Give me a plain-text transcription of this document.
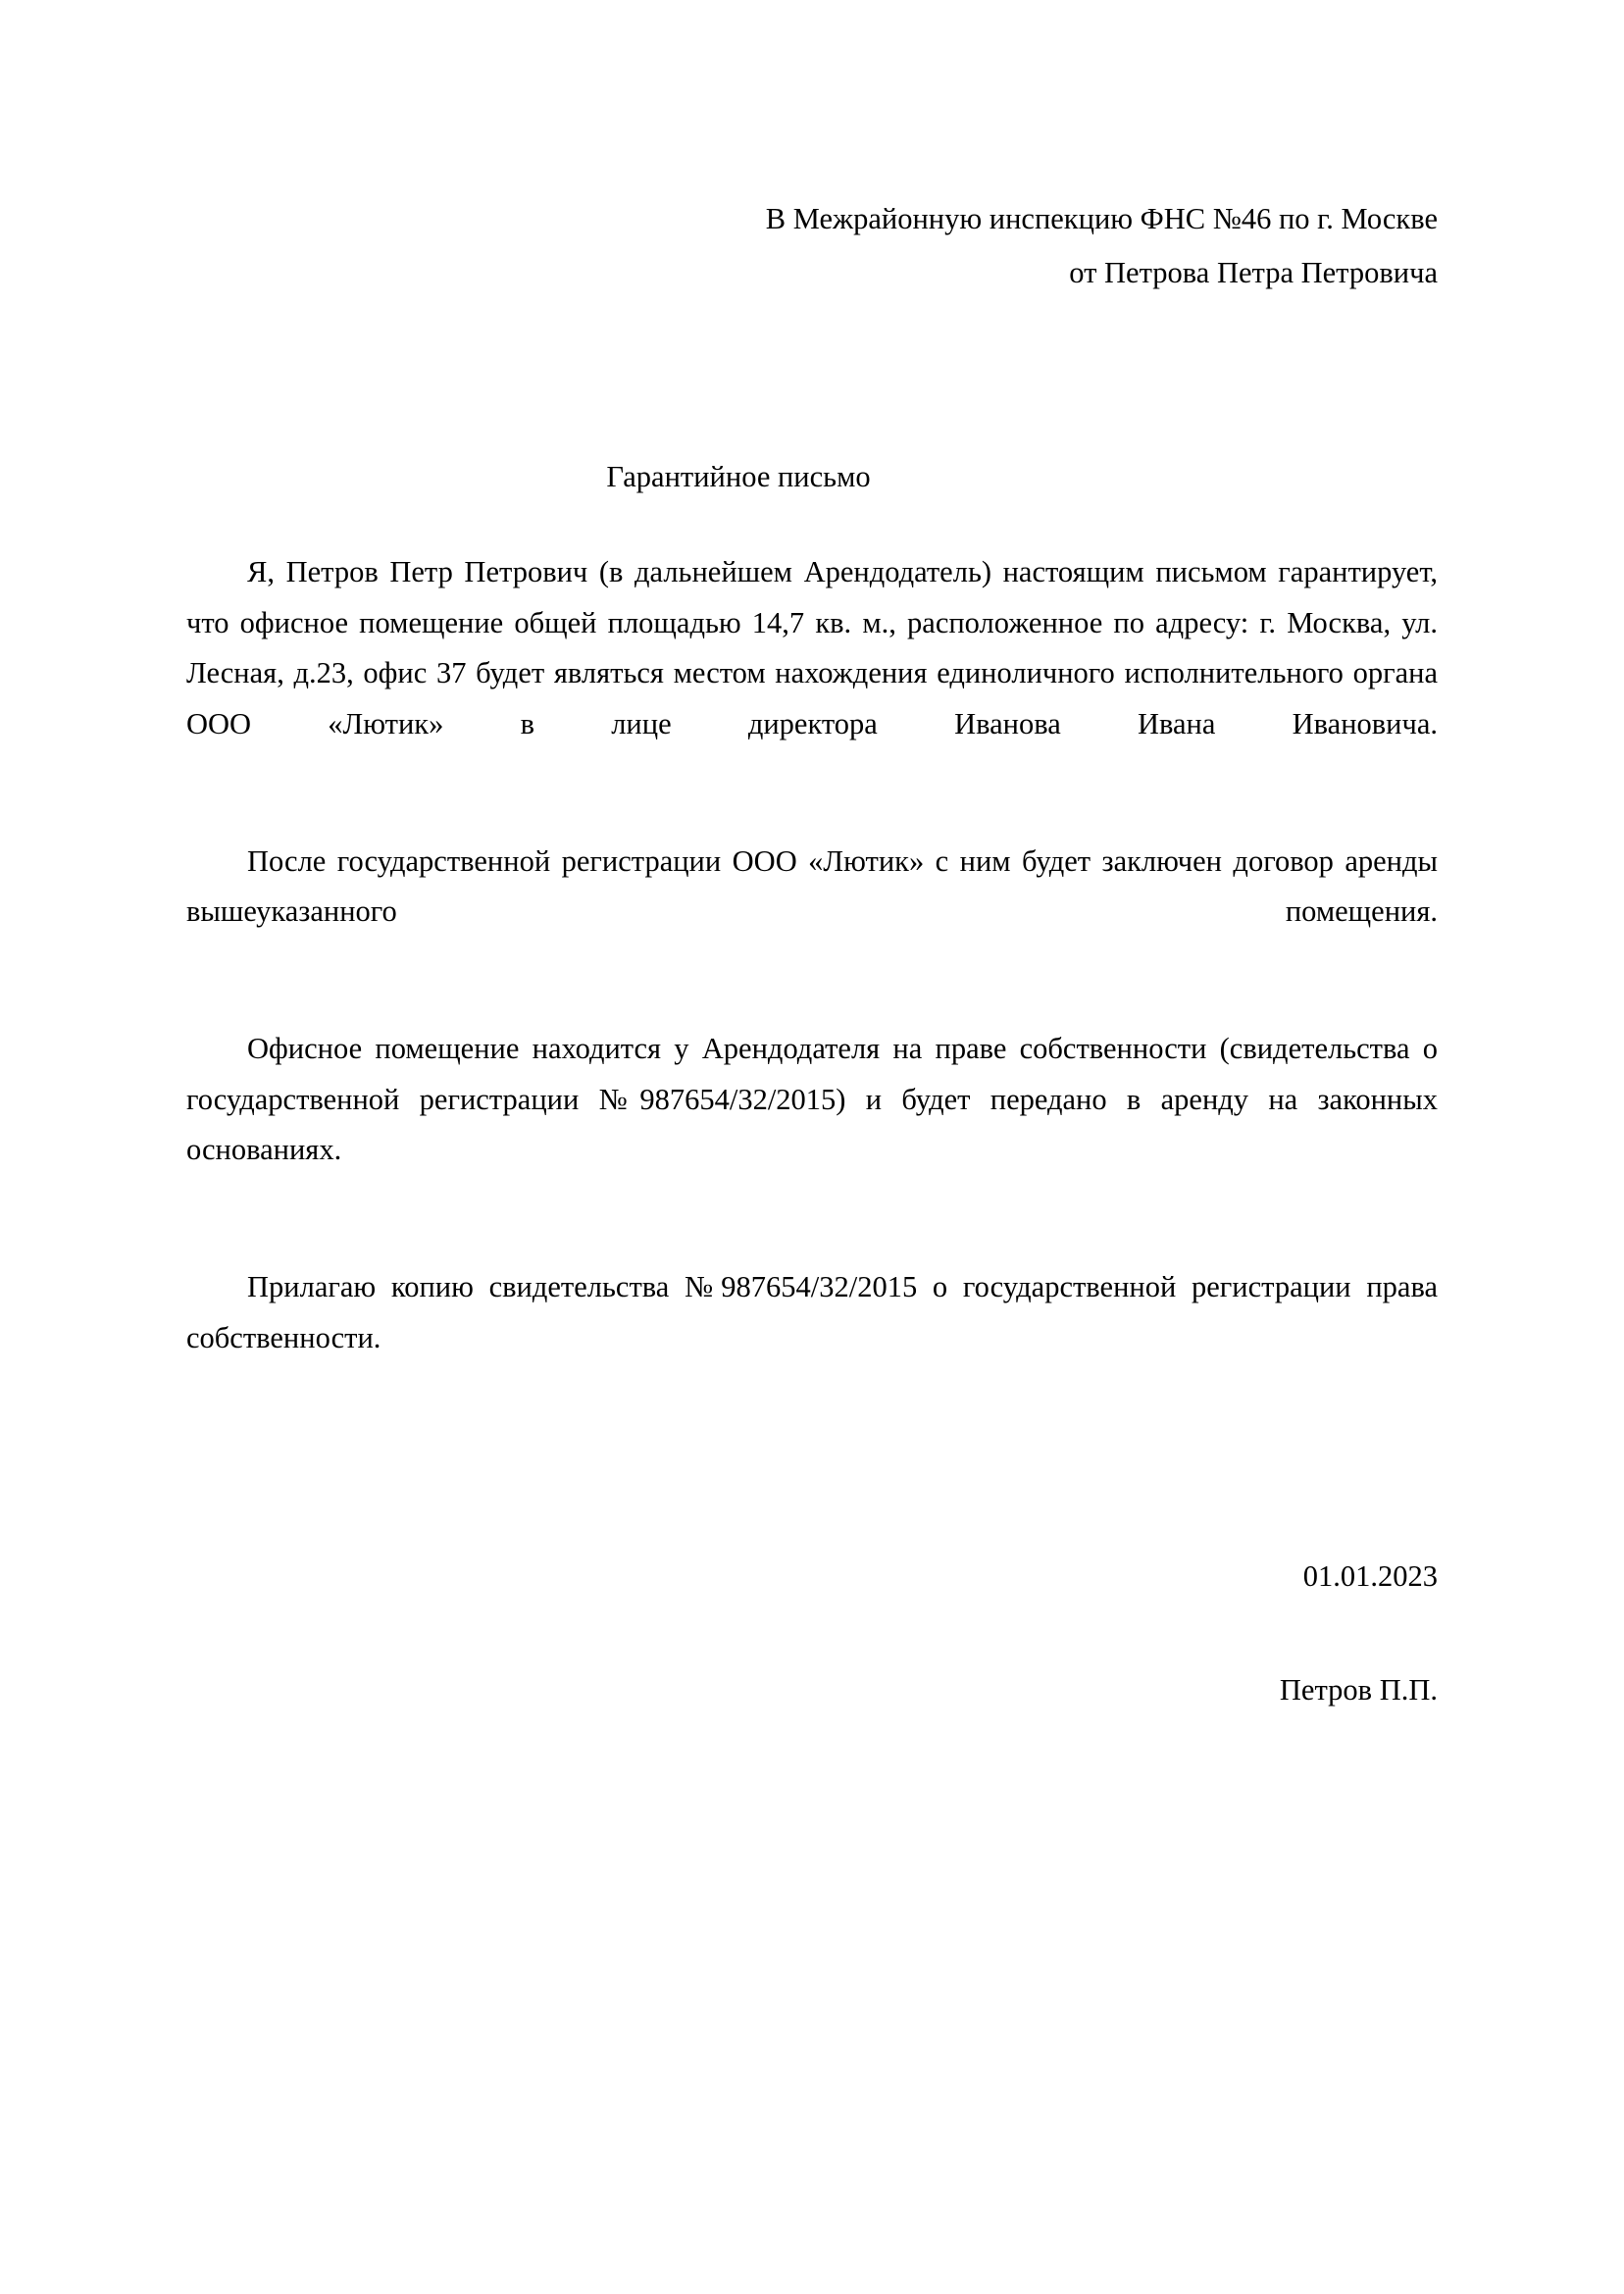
В Межрайонную инспекцию ФНС №46 по г. Москве
от Петрова Петра Петровича
Гарантийное письмо

Я, Петров Петр Петрович (в дальнейшем Арендодатель) настоящим письмом гарантирует, что офисное помещение общей площадью 14,7 кв. м., расположенное по адресу: г. Москва, ул. Лесная, д.23, офис 37 будет являться местом нахождения единоличного исполнительного органа ООО «Лютик» в лице директора Иванова Ивана Ивановича.

После государственной регистрации ООО «Лютик» с ним будет заключен договор аренды вышеуказанного помещения.

Офисное помещение находится у Арендодателя на праве собственности (свидетельства о государственной регистрации №987654/32/2015) и будет передано в аренду на законных основаниях.

Прилагаю копию свидетельства №987654/32/2015 о государственной регистрации права собственности.

01.01.2023
Петров П.П.
